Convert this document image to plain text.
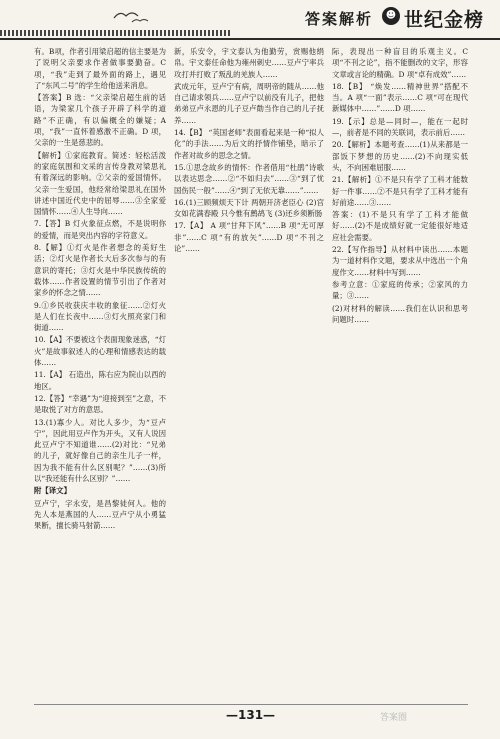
答案解析	☻ 世纪金榜

有。B项，作者引用梁启超的信主要是为了说明父亲要求作者做事要勤奋。C项，“我”走到了最外面的路上，遇见了“东风二号”的学生给他送来消息。

【答案】B 选：“父亲梁启超生前的话语，为梁家几个孩子开辟了科学的道路”不正确，有以偏概全的嫌疑；A 项，“我”一直怀着感激不正确。D 项，父亲的一生是慈悲的。

【解析】①家庭教育。简述：轻松活泼的家庭氛围和文采的言传身教对梁思礼有着深远的影响。②父亲的爱国情怀。父亲一生爱国，他经常给梁思礼在国外讲述中国近代史中的屈辱……③全家爱国情怀……④人生导向……

7.【答】B 灯火象征点燃，不是说明你的爱情，而是突出内容的字符意义。

8.【解】①灯火是作者想念的美好生活；②灯火是作者长大后多次参与的有意识的寄托；③灯火是中华民族传统的载体……作者设置的情节引出了作者对家乡的怀念之情……

9.①乡民收获庆丰收的象征……②灯火是人们在长夜中……③灯火照亮家门和街道……

10.【A】不要被这个表面现象迷惑，“灯火”是故事叙述人的心理和情感表达的载体……

11.【A】 石造出，陈右应为院山以西的地区。

12.【答】“幸遇”为“迎接到至”之意，不是取悦了对方的意思。

13.(1)寡少人。对比人多少，为“豆卢宁”，因此用豆卢作为开头，又有人说因此豆卢宁不知道谁……(2)对比：“兄弟的儿子，就好像自己的亲生儿子一样，因为我不能有什么区别呢？”……(3)所以“我还能有什么区别？”……

附【译文】

豆卢宁，字永安，是昌黎徒何人。他的先人本是燕国的人……豆卢宁从小勇猛果断，擅长骑马射箭……

新，乐安令，宇文泰认为他勤劳，赏赐他绢帛。宇文泰任命他为雍州刺史……豆卢宁率兵攻打并打败了叛乱的羌族人……

武成元年，豆卢宁有病，周明帝的随从……他自己请求领兵……豆卢宁以前没有儿子，把他弟弟豆卢永恩的儿子豆卢勣当作自己的儿子抚养……

14.【B】 “英国老师”表面看起来是一种“拟人化”的手法……为后文的抒情作铺垫，暗示了作者对故乡的思念之情。

15.①思念故乡的情怀：作者借用“杜鹃”诗歌以表达思念……②“不如归去”……③“到了忧国伤民一般”……④“到了无依无靠……”……

16.(1)三顾频烦天下计 两朝开济老臣心 (2)宫女如花满春殿 只今惟有鹧鸪飞 (3)还乡须断肠

17.【A】 A 项“甘拜下风”……B 项“无可厚非”……C 项“有的放矢”……D 项“不刊之论”……

际，表现出一种盲目的乐观主义。C 项“不刊之论”，指不能删改的文字，形容文章或言论的精确。D 项“卓有成效”……

18.【B】 “焕发……精神世界”搭配不当。A 项“一面”表示……C 项“可在现代新媒体中……”……D 项……

19.【示】总是—同时—，能在一起时—，前者是不同的关联词，表示前后……

20.【解析】本题考查……(1)从来都是一部饭下梦想的历史……(2)不向现实低头，不向困难屈服……

21.【解析】①不是只有学了工科才能数好一件事……②不是只有学了工科才能有好前途……③……

答案：(1)不是只有学了工科才能做好……(2)不是成绩好就一定能很好地适应社会需要。

22.【写作指导】从材料中读出……本题为一道材料作文题，要求从中选出一个角度作文……材料中写到……

参考立意：①家庭的传承；②家风的力量；③……

(2)对材料的解读……我们在认识和思考问题时……

—131—	答案圈
